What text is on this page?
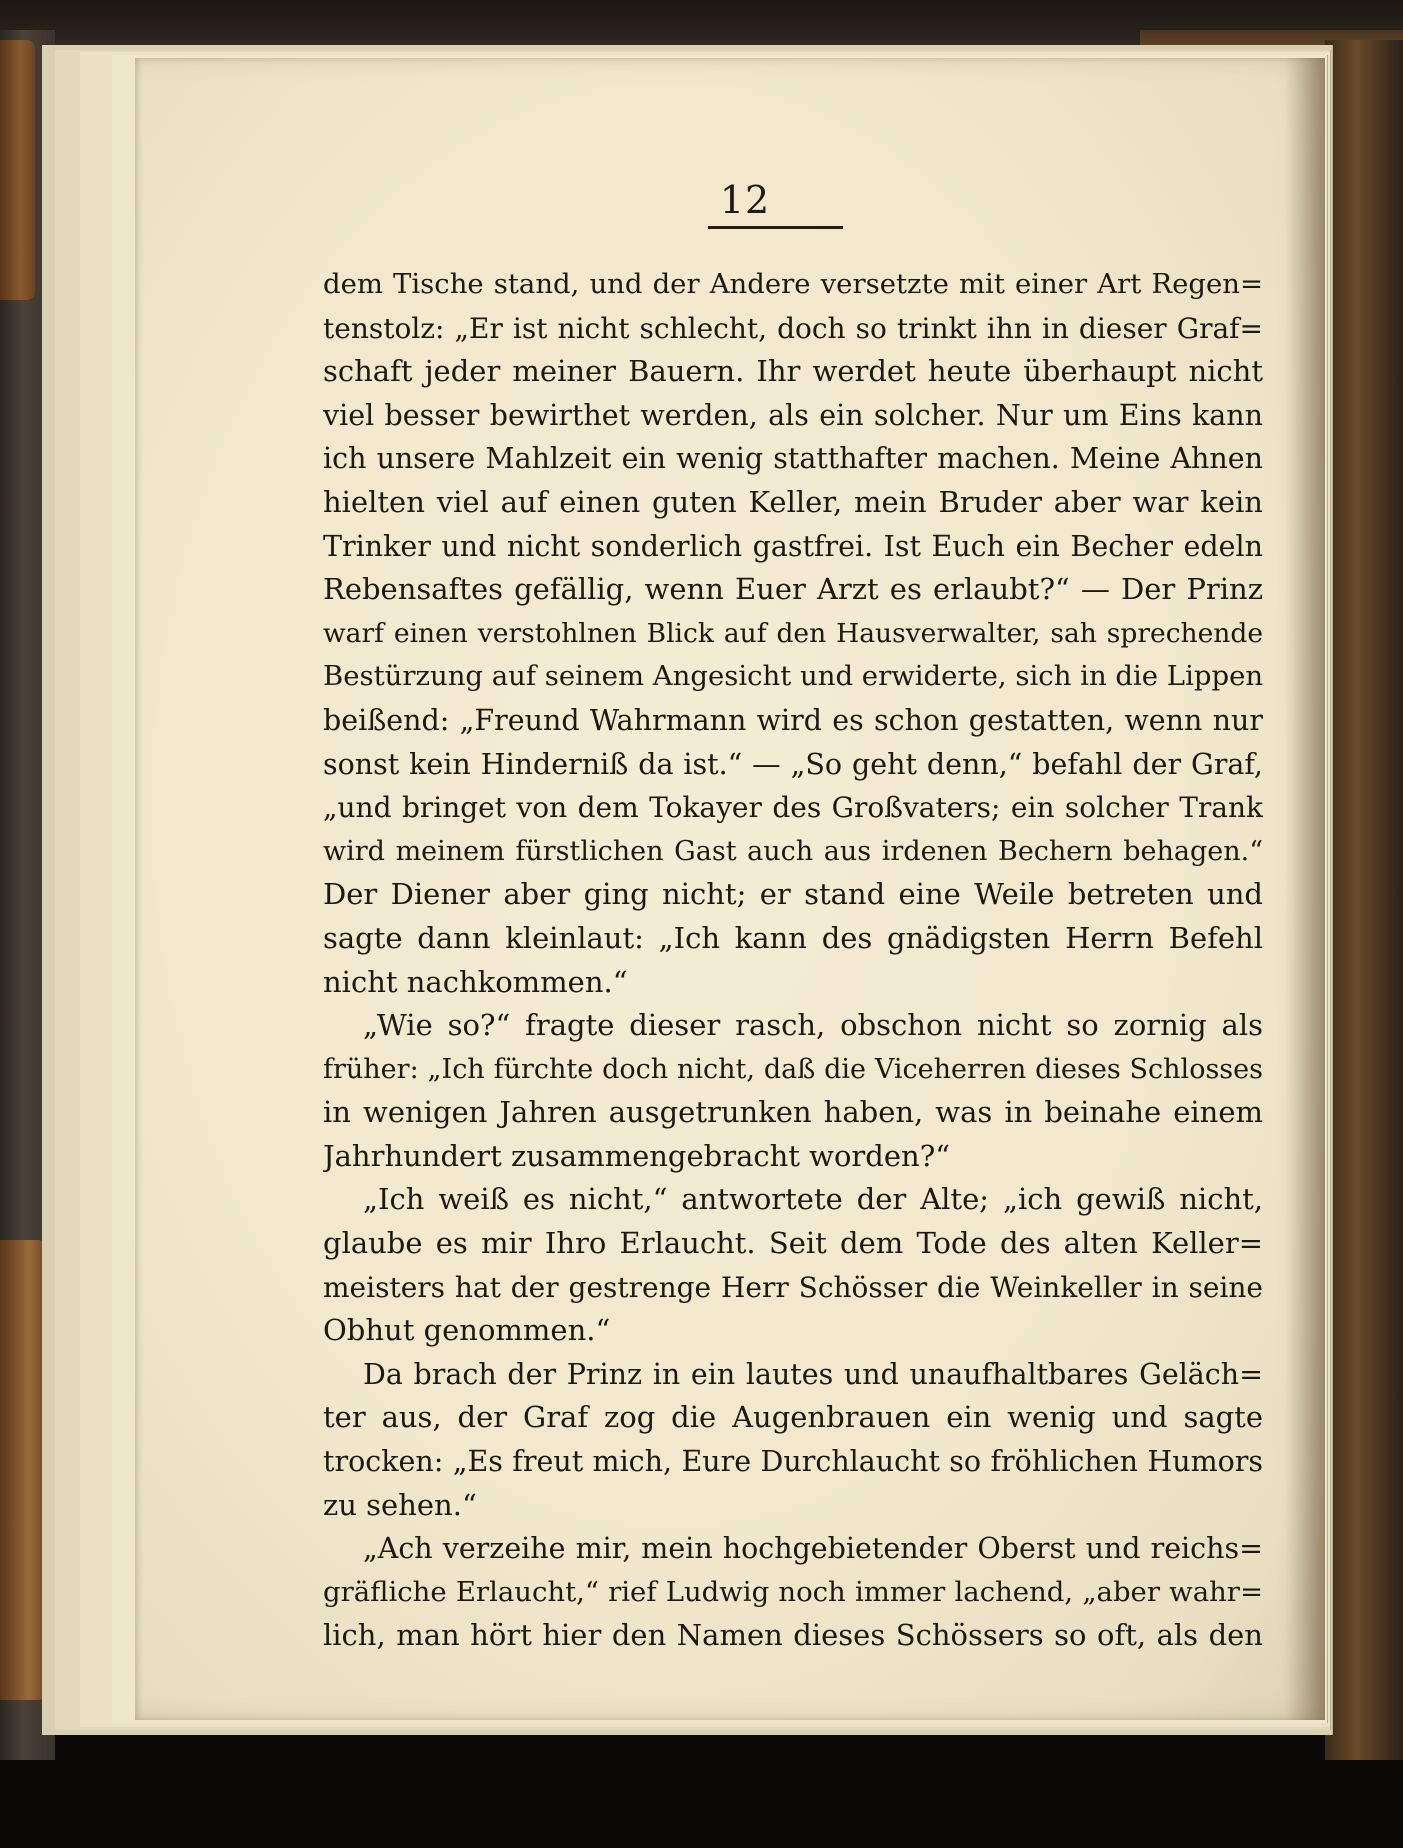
12
dem Tische stand, und der Andere versetzte mit einer Art Regen=
tenstolz: „Er ist nicht schlecht, doch so trinkt ihn in dieser Graf=
schaft jeder meiner Bauern. Ihr werdet heute überhaupt nicht
viel besser bewirthet werden, als ein solcher. Nur um Eins kann
ich unsere Mahlzeit ein wenig statthafter machen. Meine Ahnen
hielten viel auf einen guten Keller, mein Bruder aber war kein
Trinker und nicht sonderlich gastfrei. Ist Euch ein Becher edeln
Rebensaftes gefällig, wenn Euer Arzt es erlaubt?“ — Der Prinz
warf einen verstohlnen Blick auf den Hausverwalter, sah sprechende
Bestürzung auf seinem Angesicht und erwiderte, sich in die Lippen
beißend: „Freund Wahrmann wird es schon gestatten, wenn nur
sonst kein Hinderniß da ist.“ — „So geht denn,“ befahl der Graf,
„und bringet von dem Tokayer des Großvaters; ein solcher Trank
wird meinem fürstlichen Gast auch aus irdenen Bechern behagen.“
Der Diener aber ging nicht; er stand eine Weile betreten und
sagte dann kleinlaut: „Ich kann des gnädigsten Herrn Befehl
nicht nachkommen.“
„Wie so?“ fragte dieser rasch, obschon nicht so zornig als
früher: „Ich fürchte doch nicht, daß die Viceherren dieses Schlosses
in wenigen Jahren ausgetrunken haben, was in beinahe einem
Jahrhundert zusammengebracht worden?“
„Ich weiß es nicht,“ antwortete der Alte; „ich gewiß nicht,
glaube es mir Ihro Erlaucht. Seit dem Tode des alten Keller=
meisters hat der gestrenge Herr Schösser die Weinkeller in seine
Obhut genommen.“
Da brach der Prinz in ein lautes und unaufhaltbares Geläch=
ter aus, der Graf zog die Augenbrauen ein wenig und sagte
trocken: „Es freut mich, Eure Durchlaucht so fröhlichen Humors
zu sehen.“
„Ach verzeihe mir, mein hochgebietender Oberst und reichs=
gräfliche Erlaucht,“ rief Ludwig noch immer lachend, „aber wahr=
lich, man hört hier den Namen dieses Schössers so oft, als den
